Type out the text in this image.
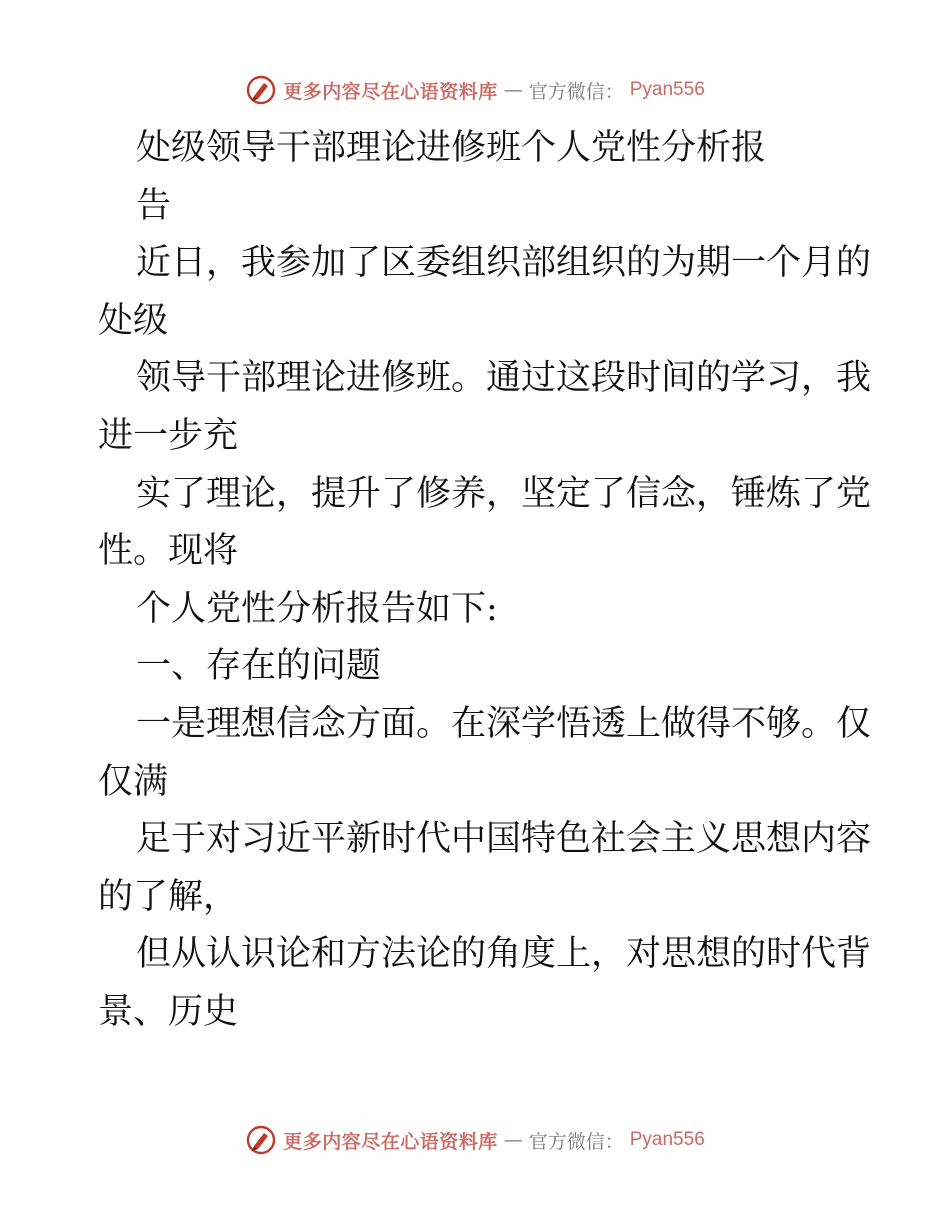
更多内容尽在心语资料库 — 官方微信： Pyan556
处级领导干部理论进修班个人党性分析报
告
近日，我参加了区委组织部组织的为期一个月的
处级
领导干部理论进修班。通过这段时间的学习，我
进一步充
实了理论，提升了修养，坚定了信念，锤炼了党
性。现将
个人党性分析报告如下:
一、存在的问题
一是理想信念方面。在深学悟透上做得不够。仅
仅满
足于对习近平新时代中国特色社会主义思想内容
的了解，
但从认识论和方法论的角度上，对思想的时代背
景、历史
更多内容尽在心语资料库 — 官方微信： Pyan556
